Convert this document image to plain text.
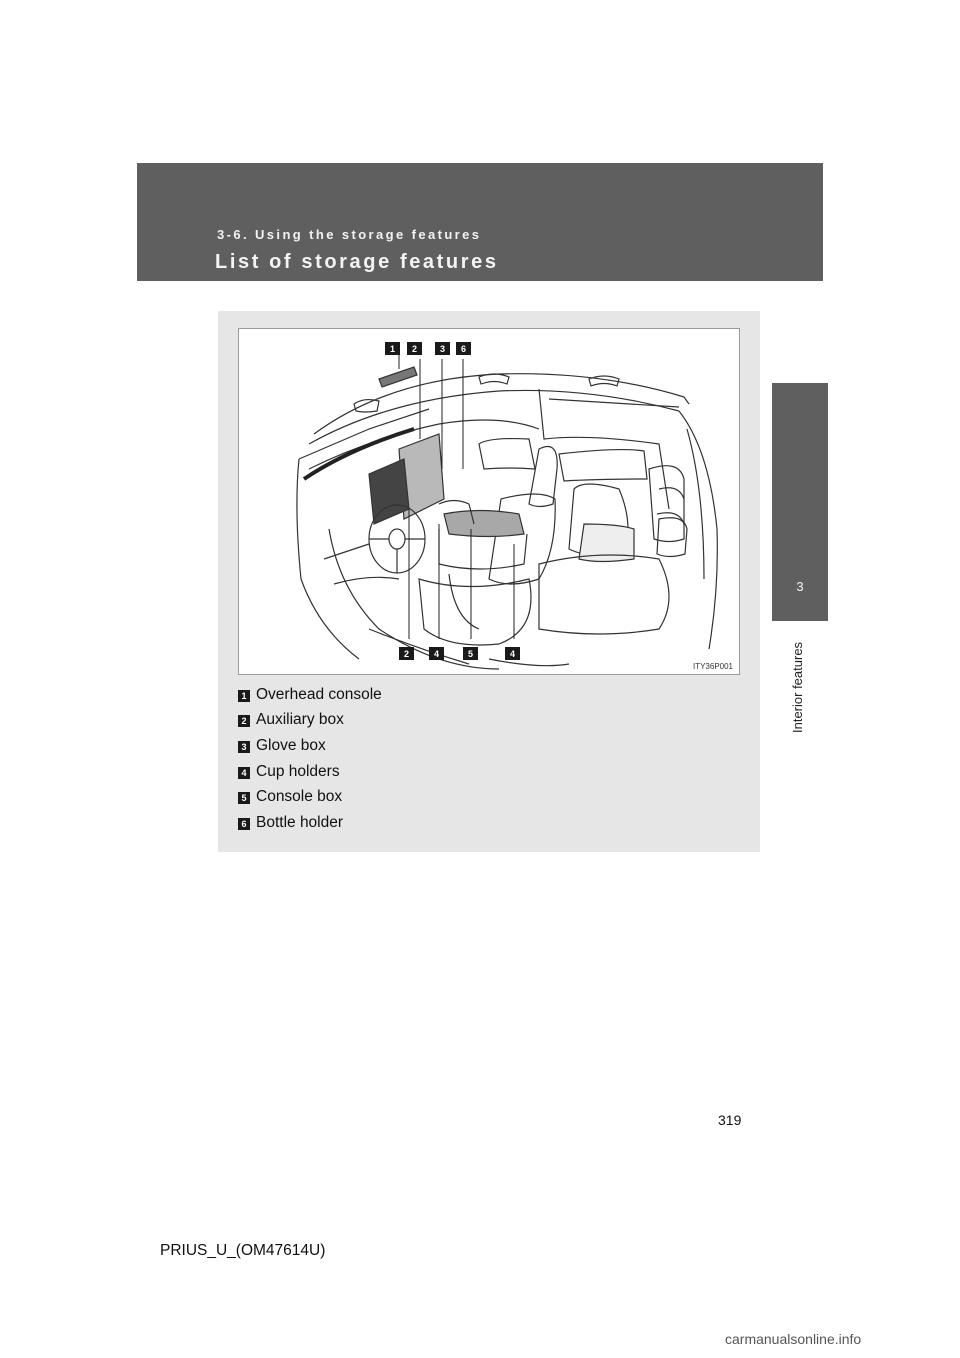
3-6. Using the storage features
List of storage features
3
Interior features
1 2	3 6
2	4	5	4
ITY36P001
1 Overhead console
2 Auxiliary box
3 Glove box
4 Cup holders
5 Console box
6 Bottle holder
319
PRIUS_U_(OM47614U)
carmanualsonline.info
